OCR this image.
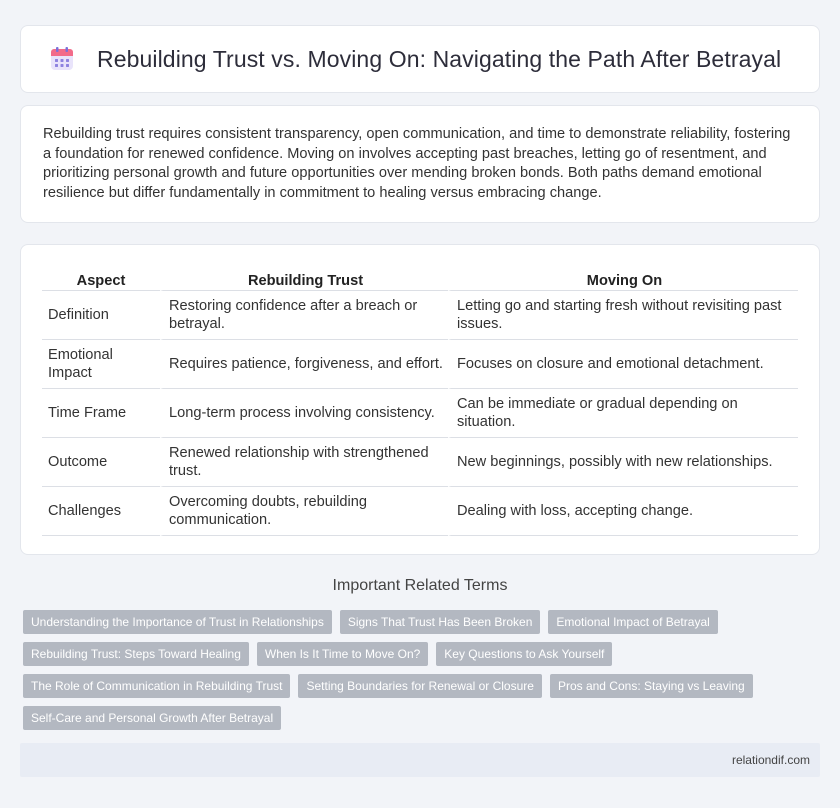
Rebuilding Trust vs. Moving On: Navigating the Path After Betrayal

Rebuilding trust requires consistent transparency, open communication, and time to demonstrate reliability, fostering a foundation for renewed confidence. Moving on involves accepting past breaches, letting go of resentment, and prioritizing personal growth and future opportunities over mending broken bonds. Both paths demand emotional resilience but differ fundamentally in commitment to healing versus embracing change.

Aspect	Rebuilding Trust	Moving On
Definition	Restoring confidence after a breach or betrayal.	Letting go and starting fresh without revisiting past issues.
Emotional Impact	Requires patience, forgiveness, and effort.	Focuses on closure and emotional detachment.
Time Frame	Long-term process involving consistency.	Can be immediate or gradual depending on situation.
Outcome	Renewed relationship with strengthened trust.	New beginnings, possibly with new relationships.
Challenges	Overcoming doubts, rebuilding communication.	Dealing with loss, accepting change.
Important Related Terms
Understanding the Importance of Trust in Relationships	Signs That Trust Has Been Broken	Emotional Impact of Betrayal
Rebuilding Trust: Steps Toward Healing	When Is It Time to Move On?	Key Questions to Ask Yourself
The Role of Communication in Rebuilding Trust	Setting Boundaries for Renewal or Closure	Pros and Cons: Staying vs Leaving
Self-Care and Personal Growth After Betrayal
relationdif.com
